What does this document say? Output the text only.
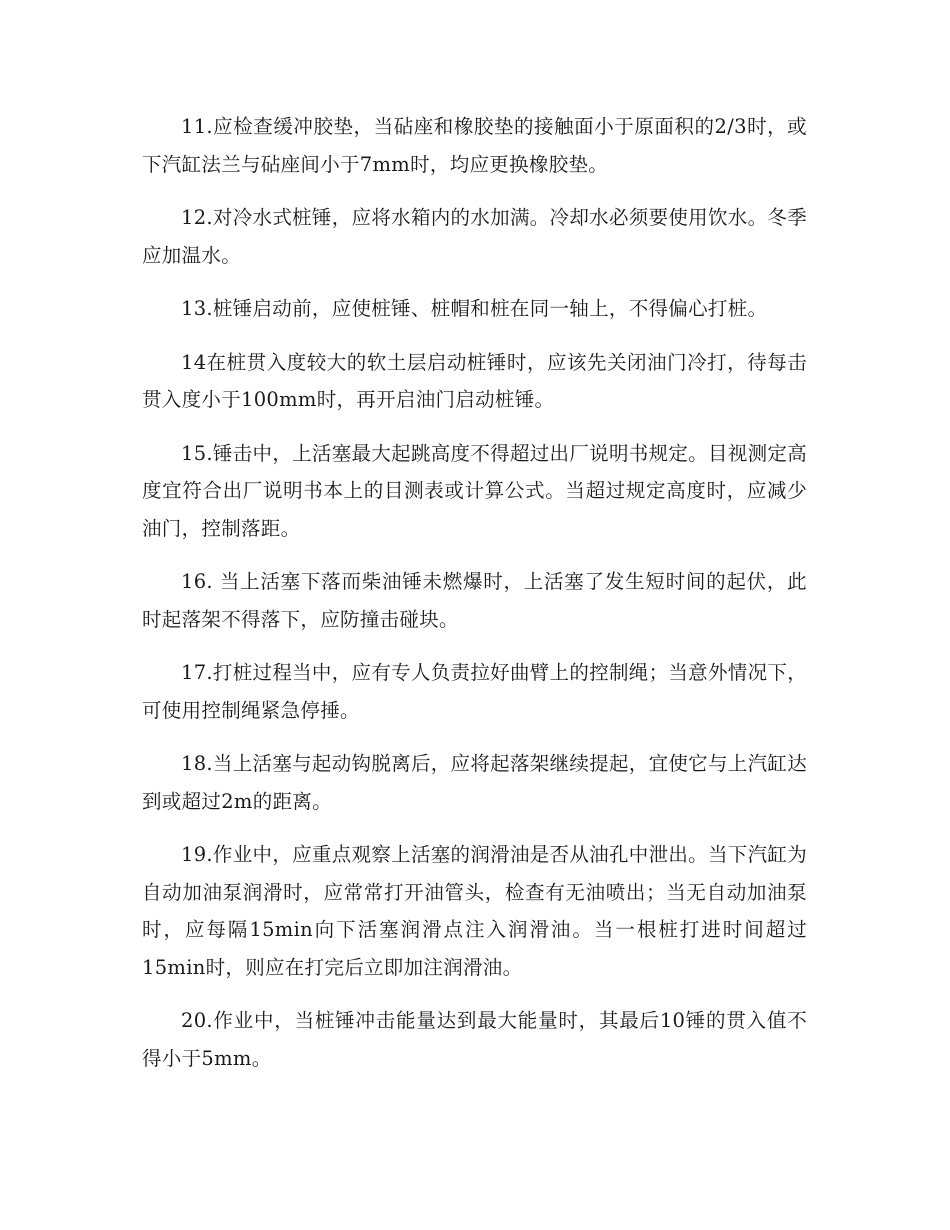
11.应检查缓冲胶垫，当砧座和橡胶垫的接触面小于原面积的2/3时，或下汽缸法兰与砧座间小于7mm时，均应更换橡胶垫。

12.对冷水式桩锤，应将水箱内的水加满。冷却水必须要使用饮水。冬季应加温水。

13.桩锤启动前，应使桩锤、桩帽和桩在同一轴上，不得偏心打桩。

14在桩贯入度较大的软土层启动桩锤时，应该先关闭油门冷打，待每击贯入度小于100mm时，再开启油门启动桩锤。

15.锤击中，上活塞最大起跳高度不得超过出厂说明书规定。目视测定高度宜符合出厂说明书本上的目测表或计算公式。当超过规定高度时，应减少油门，控制落距。

16. 当上活塞下落而柴油锤未燃爆时，上活塞了发生短时间的起伏，此时起落架不得落下，应防撞击碰块。

17.打桩过程当中，应有专人负责拉好曲臂上的控制绳；当意外情况下，可使用控制绳紧急停捶。

18.当上活塞与起动钩脱离后，应将起落架继续提起，宜使它与上汽缸达到或超过2m的距离。

19.作业中，应重点观察上活塞的润滑油是否从油孔中泄出。当下汽缸为自动加油泵润滑时，应常常打开油管头，检查有无油喷出；当无自动加油泵时，应每隔15min向下活塞润滑点注入润滑油。当一根桩打进时间超过15min时，则应在打完后立即加注润滑油。

20.作业中，当桩锤冲击能量达到最大能量时，其最后10锤的贯入值不得小于5mm。
